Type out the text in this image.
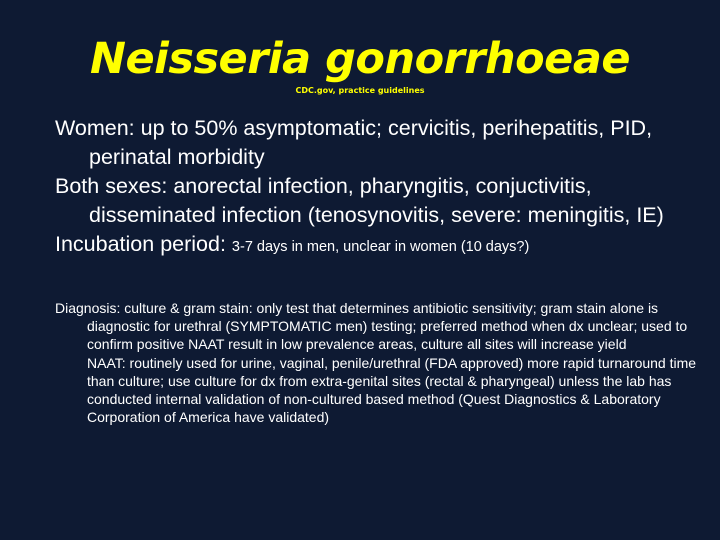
Neisseria gonorrhoeae
CDC.gov, practice guidelines
Women: up to 50% asymptomatic; cervicitis, perihepatitis, PID, perinatal morbidity
Both sexes: anorectal infection, pharyngitis, conjuctivitis, disseminated infection (tenosynovitis, severe: meningitis, IE)
Incubation period: 3-7 days in men, unclear in women (10 days?)

Diagnosis: culture & gram stain: only test that determines antibiotic sensitivity; gram stain alone is diagnostic for urethral (SYMPTOMATIC men) testing; preferred method when dx unclear; used to confirm positive NAAT result in low prevalence areas, culture all sites will increase yield

NAAT: routinely used for urine, vaginal, penile/urethral (FDA approved) more rapid turnaround time than culture; use culture for dx from extra-genital sites (rectal & pharyngeal) unless the lab has conducted internal validation of non-cultured based method (Quest Diagnostics & Laboratory Corporation of America have validated)
